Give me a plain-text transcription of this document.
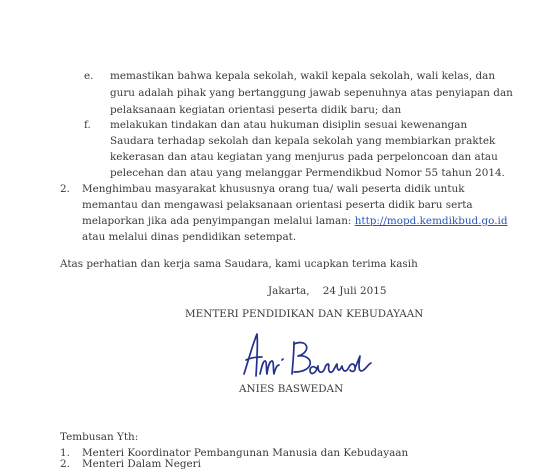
e. memastikan bahwa kepala sekolah, wakil kepala sekolah, wali kelas, dan
guru adalah pihak yang bertanggung jawab sepenuhnya atas penyiapan dan
pelaksanaan kegiatan orientasi peserta didik baru; dan
f. melakukan tindakan dan atau hukuman disiplin sesuai kewenangan
Saudara terhadap sekolah dan kepala sekolah yang membiarkan praktek
kekerasan dan atau kegiatan yang menjurus pada perpeloncoan dan atau
pelecehan dan atau yang melanggar Permendikbud Nomor 55 tahun 2014.
2. Menghimbau masyarakat khususnya orang tua/ wali peserta didik untuk
memantau dan mengawasi pelaksanaan orientasi peserta didik baru serta
melaporkan jika ada penyimpangan melalui laman: http://mopd.kemdikbud.go.id
atau melalui dinas pendidikan setempat.
Atas perhatian dan kerja sama Saudara, kami ucapkan terima kasih
Jakarta,    24 Juli 2015
MENTERI PENDIDIKAN DAN KEBUDAYAAN
ANIES BASWEDAN
Tembusan Yth:
1. Menteri Koordinator Pembangunan Manusia dan Kebudayaan
2. Menteri Dalam Negeri
